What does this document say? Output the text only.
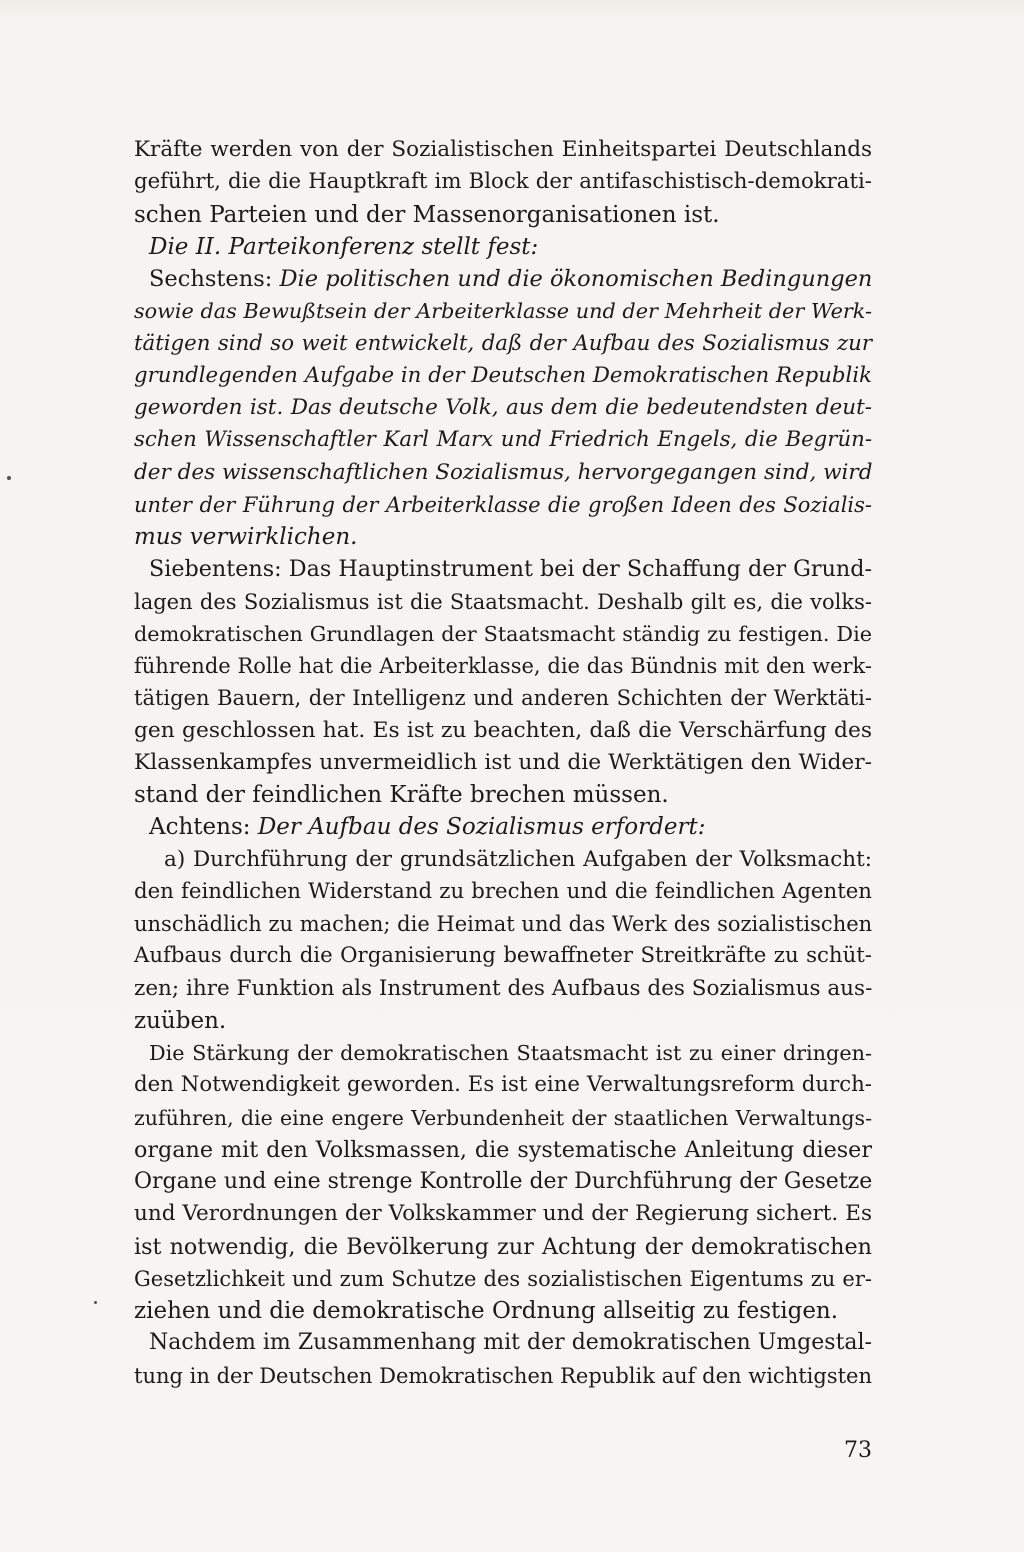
Kräfte werden von der Sozialistischen Einheitspartei Deutschlands
geführt, die die Hauptkraft im Block der antifaschistisch-demokrati-
schen Parteien und der Massenorganisationen ist.
Die II. Parteikonferenz stellt fest:
Sechstens: Die politischen und die ökonomischen Bedingungen
sowie das Bewußtsein der Arbeiterklasse und der Mehrheit der Werk-
tätigen sind so weit entwickelt, daß der Aufbau des Sozialismus zur
grundlegenden Aufgabe in der Deutschen Demokratischen Republik
geworden ist. Das deutsche Volk, aus dem die bedeutendsten deut-
schen Wissenschaftler Karl Marx und Friedrich Engels, die Begrün-
der des wissenschaftlichen Sozialismus, hervorgegangen sind, wird
unter der Führung der Arbeiterklasse die großen Ideen des Sozialis-
mus verwirklichen.
Siebentens: Das Hauptinstrument bei der Schaffung der Grund-
lagen des Sozialismus ist die Staatsmacht. Deshalb gilt es, die volks-
demokratischen Grundlagen der Staatsmacht ständig zu festigen. Die
führende Rolle hat die Arbeiterklasse, die das Bündnis mit den werk-
tätigen Bauern, der Intelligenz und anderen Schichten der Werktäti-
gen geschlossen hat. Es ist zu beachten, daß die Verschärfung des
Klassenkampfes unvermeidlich ist und die Werktätigen den Wider-
stand der feindlichen Kräfte brechen müssen.
Achtens: Der Aufbau des Sozialismus erfordert:
a) Durchführung der grundsätzlichen Aufgaben der Volksmacht:
den feindlichen Widerstand zu brechen und die feindlichen Agenten
unschädlich zu machen; die Heimat und das Werk des sozialistischen
Aufbaus durch die Organisierung bewaffneter Streitkräfte zu schüt-
zen; ihre Funktion als Instrument des Aufbaus des Sozialismus aus-
zuüben.
Die Stärkung der demokratischen Staatsmacht ist zu einer dringen-
den Notwendigkeit geworden. Es ist eine Verwaltungsreform durch-
zuführen, die eine engere Verbundenheit der staatlichen Verwaltungs-
organe mit den Volksmassen, die systematische Anleitung dieser
Organe und eine strenge Kontrolle der Durchführung der Gesetze
und Verordnungen der Volkskammer und der Regierung sichert. Es
ist notwendig, die Bevölkerung zur Achtung der demokratischen
Gesetzlichkeit und zum Schutze des sozialistischen Eigentums zu er-
ziehen und die demokratische Ordnung allseitig zu festigen.
Nachdem im Zusammenhang mit der demokratischen Umgestal-
tung in der Deutschen Demokratischen Republik auf den wichtigsten
73
